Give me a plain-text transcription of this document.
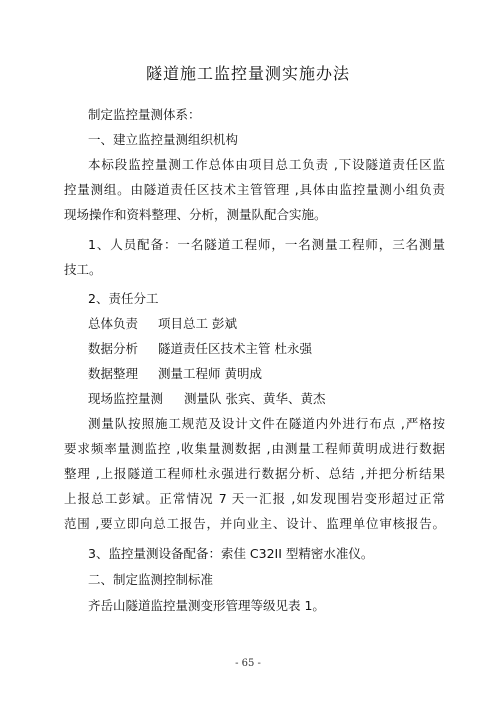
隧道施工监控量测实施办法
制定监控量测体系：
一、建立监控量测组织机构
本标段监控量测工作总体由项目总工负责 ,下设隧道责任区监
控量测组。由隧道责任区技术主管管理 ,具体由监控量测小组负责
现场操作和资料整理、分析，测量队配合实施。
1、人员配备：一名隧道工程师，一名测量工程师，三名测量
技工。
2、责任分工
总体负责 项目总工 彭斌
数据分析 隧道责任区技术主管 杜永强
数据整理 测量工程师 黄明成
现场监控量测 测量队 张宾、黄华、黄杰
测量队按照施工规范及设计文件在隧道内外进行布点 ,严格按
要求频率量测监控 ,收集量测数据 ,由测量工程师黄明成进行数据
整理 ,上报隧道工程师杜永强进行数据分析、总结 ,并把分析结果
上报总工彭斌。正常情况 7 天一汇报 ,如发现围岩变形超过正常
范围 ,要立即向总工报告，并向业主、设计、监理单位审核报告。
3、监控量测设备配备：索佳 C32II 型精密水准仪。
二、制定监测控制标准
齐岳山隧道监控量测变形管理等级见表 1。
- 65 -
